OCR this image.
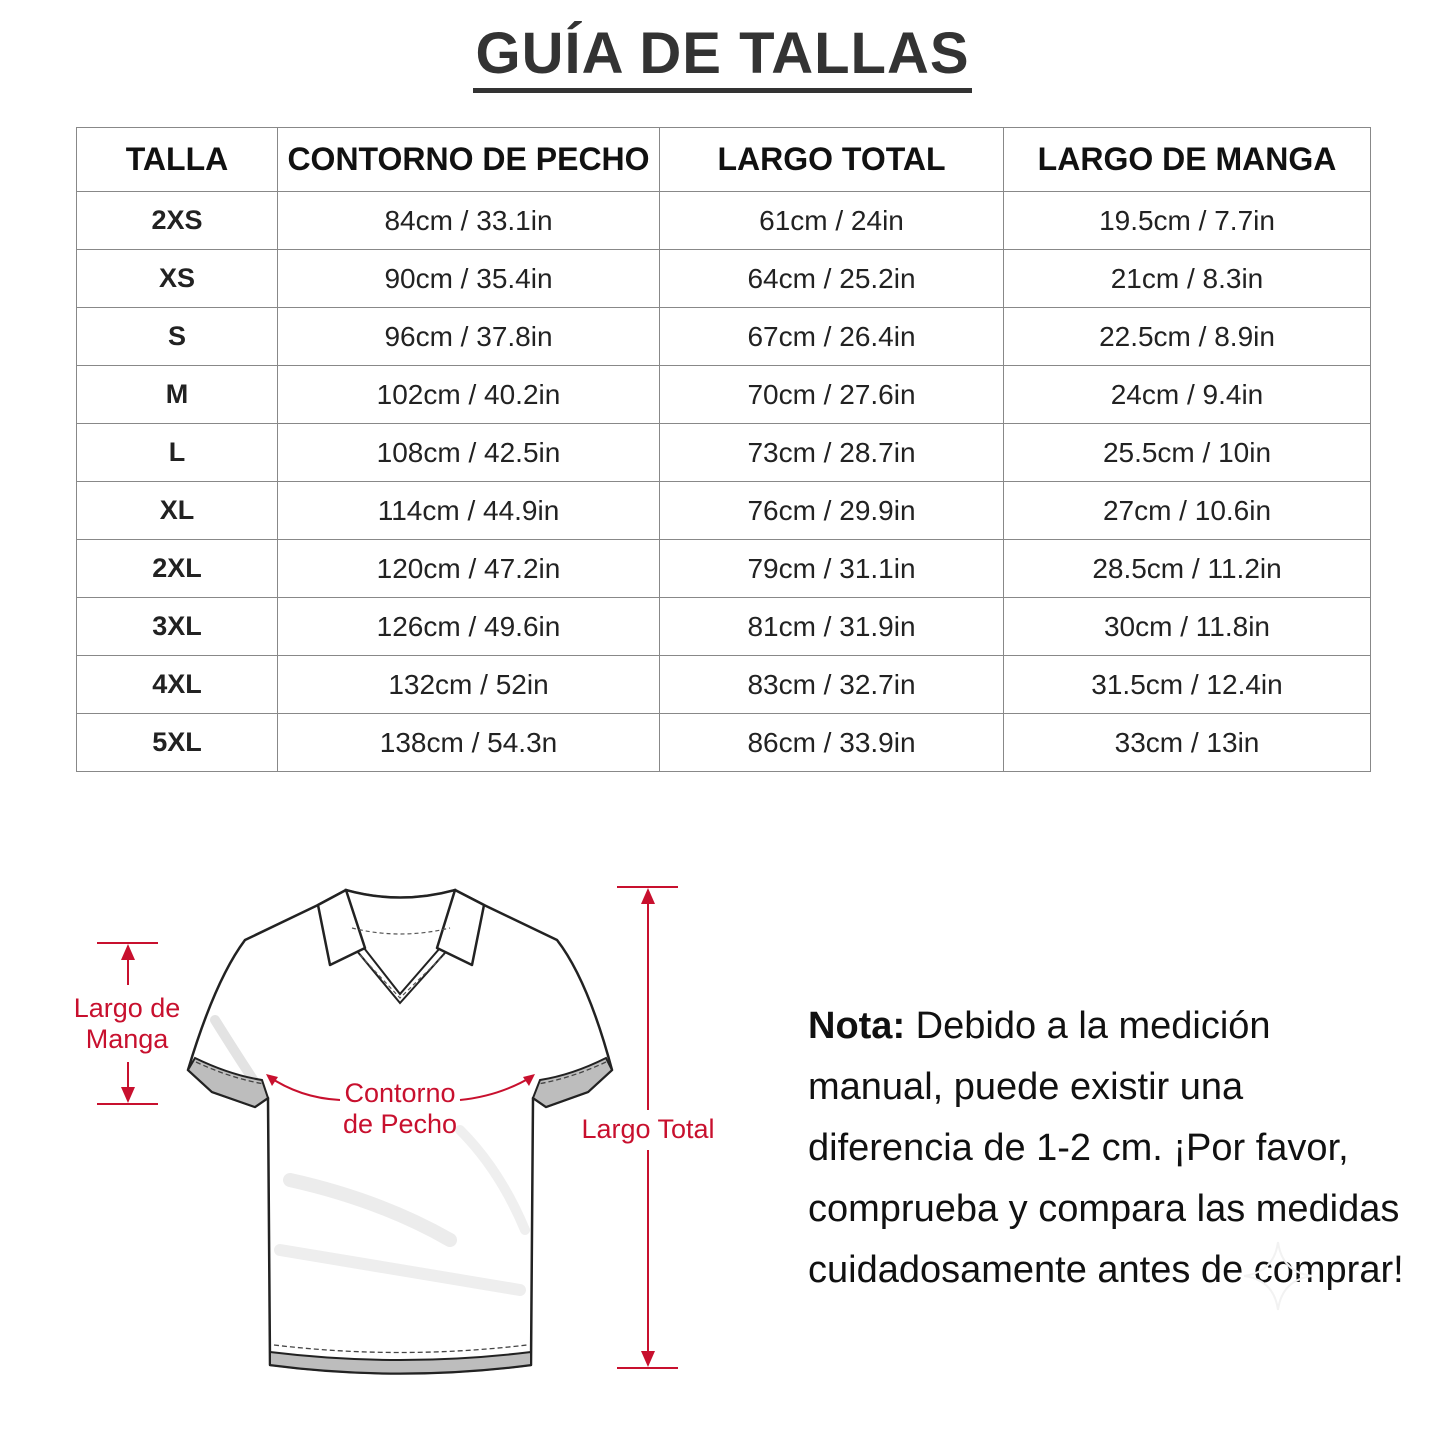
GUÍA DE TALLAS
TALLA	CONTORNO DE PECHO	LARGO TOTAL	LARGO DE MANGA
2XS	84cm / 33.1in	61cm / 24in	19.5cm / 7.7in
XS	90cm / 35.4in	64cm / 25.2in	21cm / 8.3in
S	96cm / 37.8in	67cm / 26.4in	22.5cm / 8.9in
M	102cm / 40.2in	70cm / 27.6in	24cm / 9.4in
L	108cm / 42.5in	73cm / 28.7in	25.5cm / 10in
XL	114cm / 44.9in	76cm / 29.9in	27cm / 10.6in
2XL	120cm / 47.2in	79cm / 31.1in	28.5cm / 11.2in
3XL	126cm / 49.6in	81cm / 31.9in	30cm / 11.8in
4XL	132cm / 52in	83cm / 32.7in	31.5cm / 12.4in
5XL	138cm / 54.3n	86cm / 33.9in	33cm / 13in
Largo de
Manga
Contorno
de Pecho	Largo Total
Nota: Debido a la medición manual, puede existir una diferencia de 1-2 cm. ¡Por favor, comprueba y compara las medidas cuidadosamente antes de comprar!
